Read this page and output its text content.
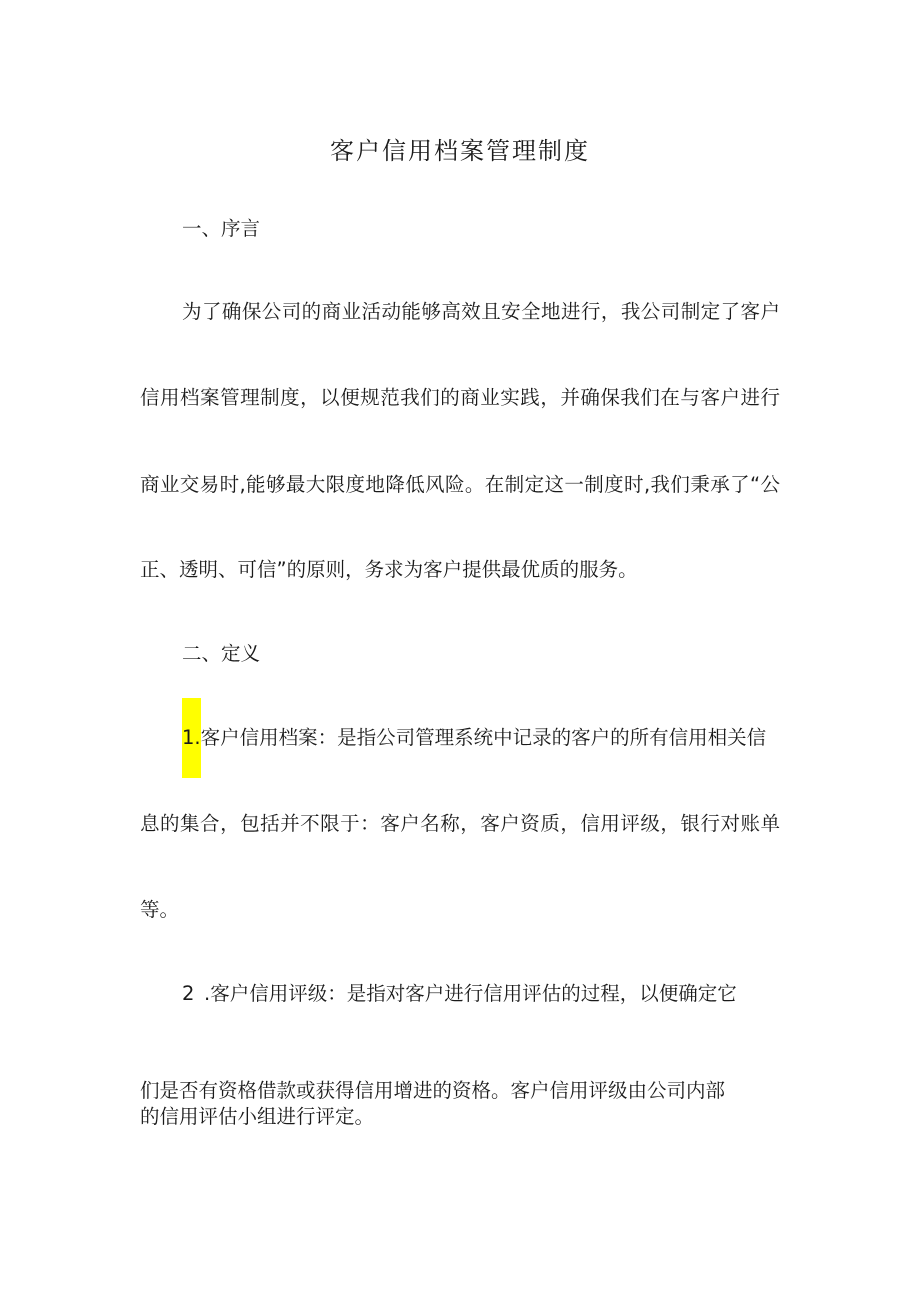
客户信用档案管理制度
一、序言
为了确保公司的商业活动能够高效且安全地进行，我公司制定了客户
信用档案管理制度，以便规范我们的商业实践，并确保我们在与客户进行
商业交易时,能够最大限度地降低风险。在制定这一制度时,我们秉承了“公
正、透明、可信”的原则，务求为客户提供最优质的服务。
二、定义
1.客户信用档案：是指公司管理系统中记录的客户的所有信用相关信
息的集合，包括并不限于：客户名称，客户资质，信用评级，银行对账单
等。
2 .客户信用评级：是指对客户进行信用评估的过程，以便确定它
们是否有资格借款或获得信用增进的资格。客户信用评级由公司内部
的信用评估小组进行评定。
